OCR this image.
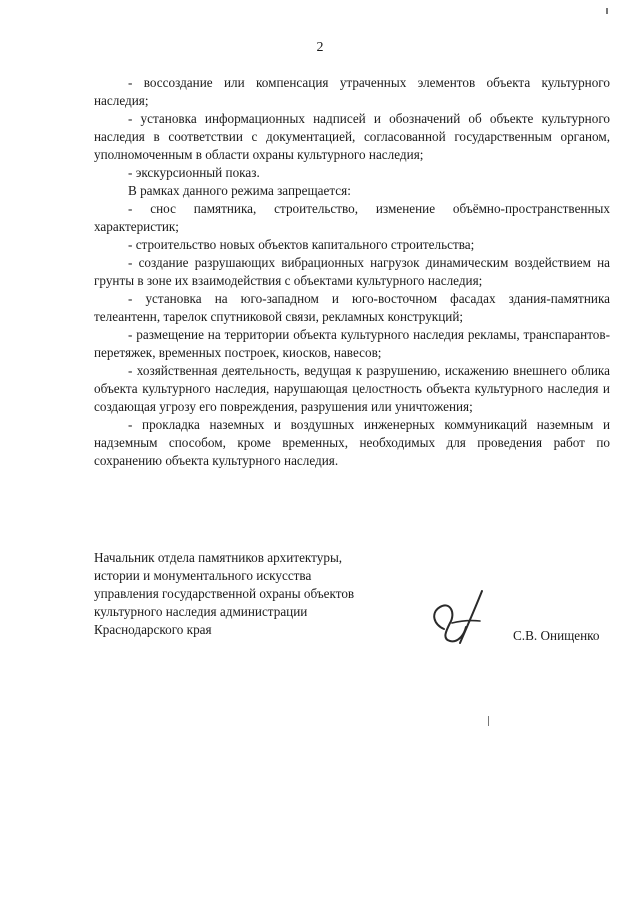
2

- воссоздание или компенсация утраченных элементов объекта культурного наследия;

- установка информационных надписей и обозначений об объекте культурного наследия в соответствии с документацией, согласованной государственным органом, уполномоченным в области охраны культурного наследия;

- экскурсионный показ.

В рамках данного режима запрещается:

- снос памятника, строительство, изменение объёмно-пространственных характеристик;

- строительство новых объектов капитального строительства;

- создание разрушающих вибрационных нагрузок динамическим воздействием на грунты в зоне их взаимодействия с объектами культурного наследия;

- установка на юго-западном и юго-восточном фасадах здания-памятника телеантенн, тарелок спутниковой связи, рекламных конструкций;

- размещение на территории объекта культурного наследия рекламы, транспарантов-перетяжек, временных построек, киосков, навесов;

- хозяйственная деятельность, ведущая к разрушению, искажению внешнего облика объекта культурного наследия, нарушающая целостность объекта культурного наследия и создающая угрозу его повреждения, разрушения или уничтожения;

- прокладка наземных и воздушных инженерных коммуникаций наземным и надземным способом, кроме временных, необходимых для проведения работ по сохранению объекта культурного наследия.

Начальник отдела памятников архитектуры,
истории и монументального искусства
управления государственной охраны объектов
культурного наследия администрации
Краснодарского края	С.В. Онищенко
